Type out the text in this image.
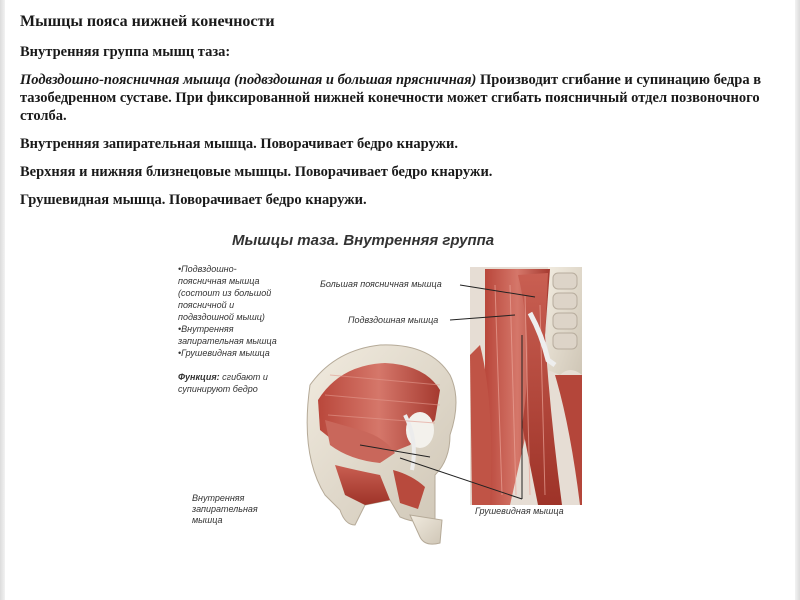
Мышцы пояса нижней конечности

Внутренняя группа мышц таза:

Подвздошно-поясничная мышца (подвздошная и большая прясничная) Производит сгибание и супинацию бедра в тазобедренном суставе. При фиксированной нижней конечности может сгибать поясничный отдел позвоночного столба.

Внутренняя запирательная мышца. Поворачивает бедро кнаружи.

Верхняя и нижняя близнецовые мышцы. Поворачивает бедро кнаружи.

Грушевидная мышца. Поворачивает бедро кнаружи.

Мышцы таза. Внутренняя группа

•Подвздошно-

поясничная мышца

(состоит из большой

поясничной и

подвздошной мышц)

•Внутренняя

запирательная мышца

•Грушевидная мышца

Функция: сгибают и супинируют бедро

Большая поясничная мышца
Подвздошная мышца
Внутренняя
запирательная
мышца
Грушевидная мышца
